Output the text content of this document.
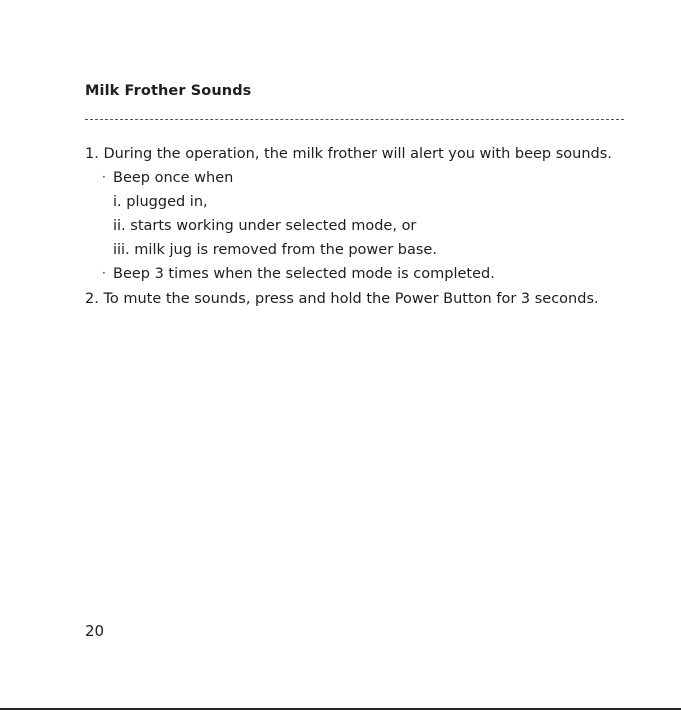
Milk Frother Sounds
1. During the operation, the milk frother will alert you with beep sounds.
· Beep once when
i. plugged in,
ii. starts working under selected mode, or
iii. milk jug is removed from the power base.
· Beep 3 times when the selected mode is completed.
2. To mute the sounds, press and hold the Power Button for 3 seconds.
20
